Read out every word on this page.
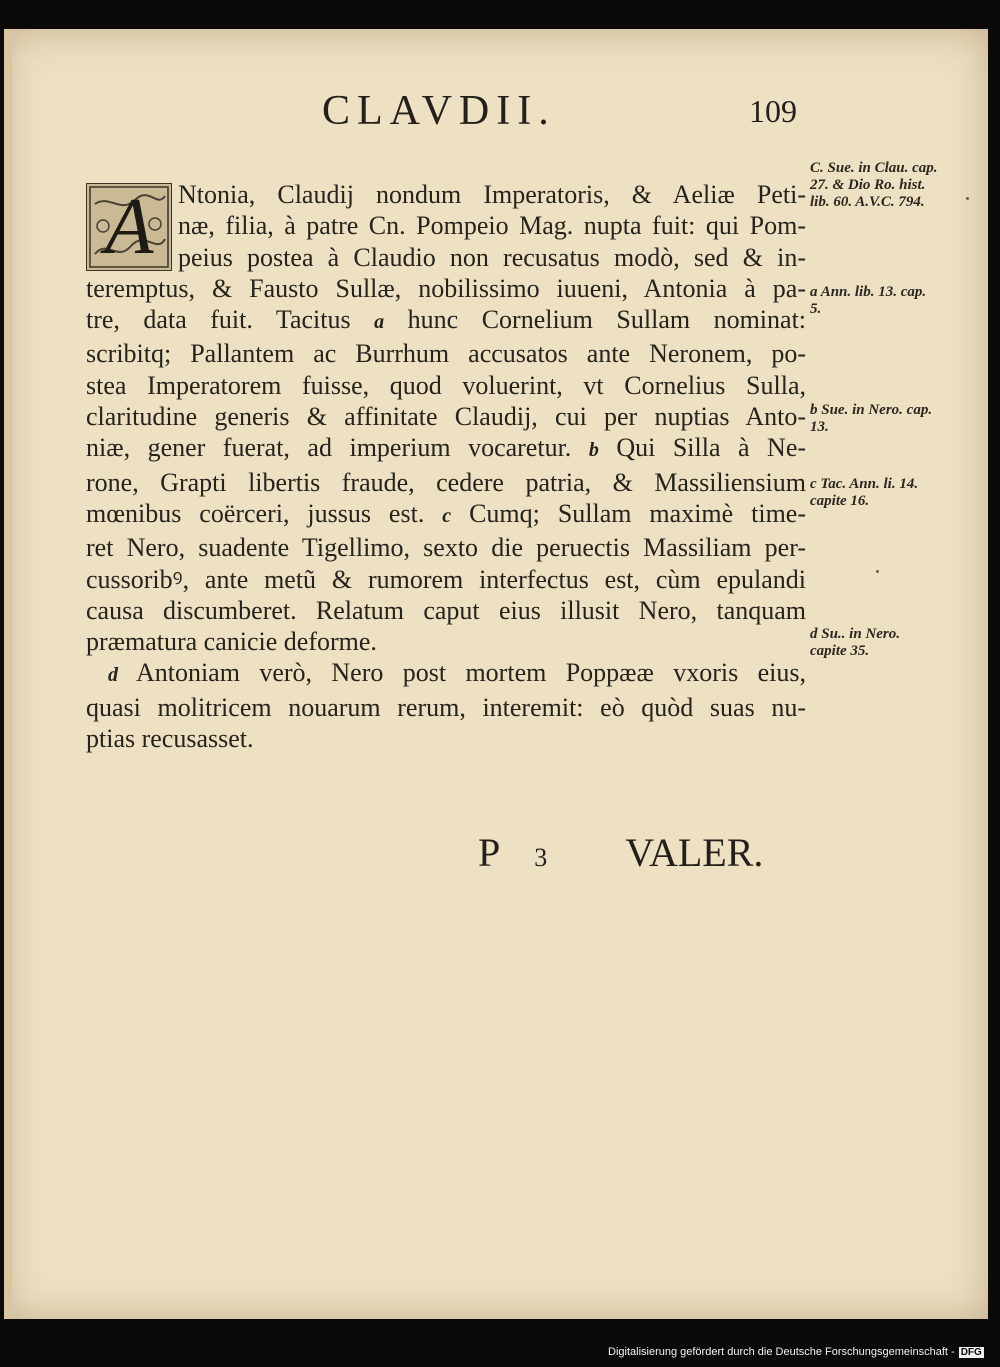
CLAVDII.	109
A Ntonia, Claudij nondum Imperatoris, & Aeliæ Peti-
næ, filia, à patre Cn. Pompeio Mag. nupta fuit: qui Pom-
peius postea à Claudio non recusatus modò, sed & in-
teremptus, & Fausto Sullæ, nobilissimo iuueni, Antonia à pa-
tre, data fuit. Tacitus a hunc Cornelium Sullam nominat:
scribitq; Pallantem ac Burrhum accusatos ante Neronem, po-
stea Imperatorem fuisse, quod voluerint, vt Cornelius Sulla,
claritudine generis & affinitate Claudij, cui per nuptias Anto-
niæ, gener fuerat, ad imperium vocaretur. b Qui Silla à Ne-
rone, Grapti libertis fraude, cedere patria, & Massiliensium
mœnibus coërceri, jussus est. c Cumq; Sullam maximè time-
ret Nero, suadente Tigellimo, sexto die peruectis Massiliam per-
cussoribꝰ, ante metũ & rumorem interfectus est, cùm epulandi
causa discumberet. Relatum caput eius illusit Nero, tanquam
præmatura canicie deforme.
d Antoniam verò, Nero post mortem Poppææ vxoris eius,
quasi molitricem nouarum rerum, interemit: eò quòd suas nu-
ptias recusasset.
C. Sue. in Clau. cap. 27. & Dio Ro. hist. lib. 60. A.V.C. 794.
a Ann. lib. 13. cap. 5.
b Sue. in Nero. cap. 13.
c Tac. Ann. li. 14. capite 16.
d Su.. in Nero. capite 35.
P 3 VALER.
Digitalisierung gefördert durch die Deutsche Forschungsgemeinschaft - DFG
